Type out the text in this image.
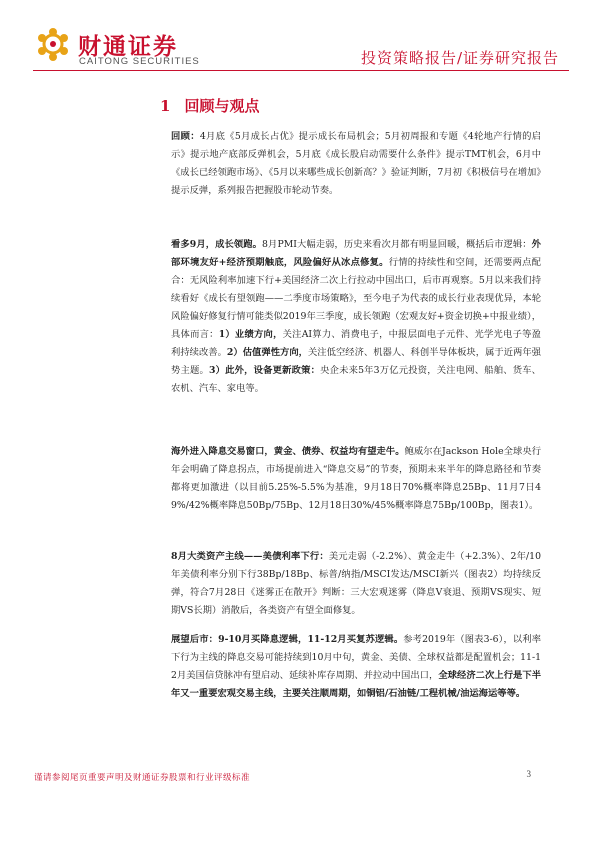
财通证券
CAITONG SECURITIES	投资策略报告/证券研究报告
1 回顾与观点
回顾：4月底《5月成长占优》提示成长布局机会；5月初周报和专题《4轮地产行情的启示》提示地产底部反弹机会，5月底《成长股启动需要什么条件》提示TMT机会，6月中《成长已经领跑市场》、《5月以来哪些成长创新高？》验证判断，7月初《积极信号在增加》提示反弹，系列报告把握股市轮动节奏。
看多9月，成长领跑。8月PMI大幅走弱，历史来看次月都有明显回暖，概括后市逻辑：外部环境友好+经济预期触底，风险偏好从冰点修复。行情的持续性和空间，还需要两点配合：无风险利率加速下行+美国经济二次上行拉动中国出口，后市再观察。5月以来我们持续看好《成长有望领跑——二季度市场策略》，至今电子为代表的成长行业表现优异，本轮风险偏好修复行情可能类似2019年三季度，成长领跑（宏观友好+资金切换+中报业绩），具体而言：1）业绩方向，关注AI算力、消费电子，中报层面电子元件、光学光电子等盈利持续改善。2）估值弹性方向，关注低空经济、机器人、科创半导体板块，属于近两年强势主题。3）此外，设备更新政策：央企未来5年3万亿元投资，关注电网、船舶、货车、农机、汽车、家电等。
海外进入降息交易窗口，黄金、债券、权益均有望走牛。鲍威尔在Jackson Hole全球央行年会明确了降息拐点，市场提前进入“降息交易”的节奏，预期未来半年的降息路径和节奏都将更加激进（以目前5.25%-5.5%为基准，9月18日70%概率降息25Bp、11月7日49%/42%概率降息50Bp/75Bp、12月18日30%/45%概率降息75Bp/100Bp，图表1）。
8月大类资产主线——美债利率下行：美元走弱（-2.2%）、黄金走牛（+2.3%）、2年/10年美债利率分别下行38Bp/18Bp、标普/纳指/MSCI发达/MSCI新兴（图表2）均持续反弹，符合7月28日《迷雾正在散开》判断：三大宏观迷雾（降息V衰退、预期VS现实、短期VS长期）消散后，各类资产有望全面修复。
展望后市：9-10月买降息逻辑，11-12月买复苏逻辑。参考2019年（图表3-6），以利率下行为主线的降息交易可能持续到10月中旬，黄金、美债、全球权益都是配置机会；11-12月美国信贷脉冲有望启动、延续补库存周期、并拉动中国出口，全球经济二次上行是下半年又一重要宏观交易主线，主要关注顺周期，如铜铝/石油链/工程机械/油运海运等等。
谨请参阅尾页重要声明及财通证券股票和行业评级标准	3
